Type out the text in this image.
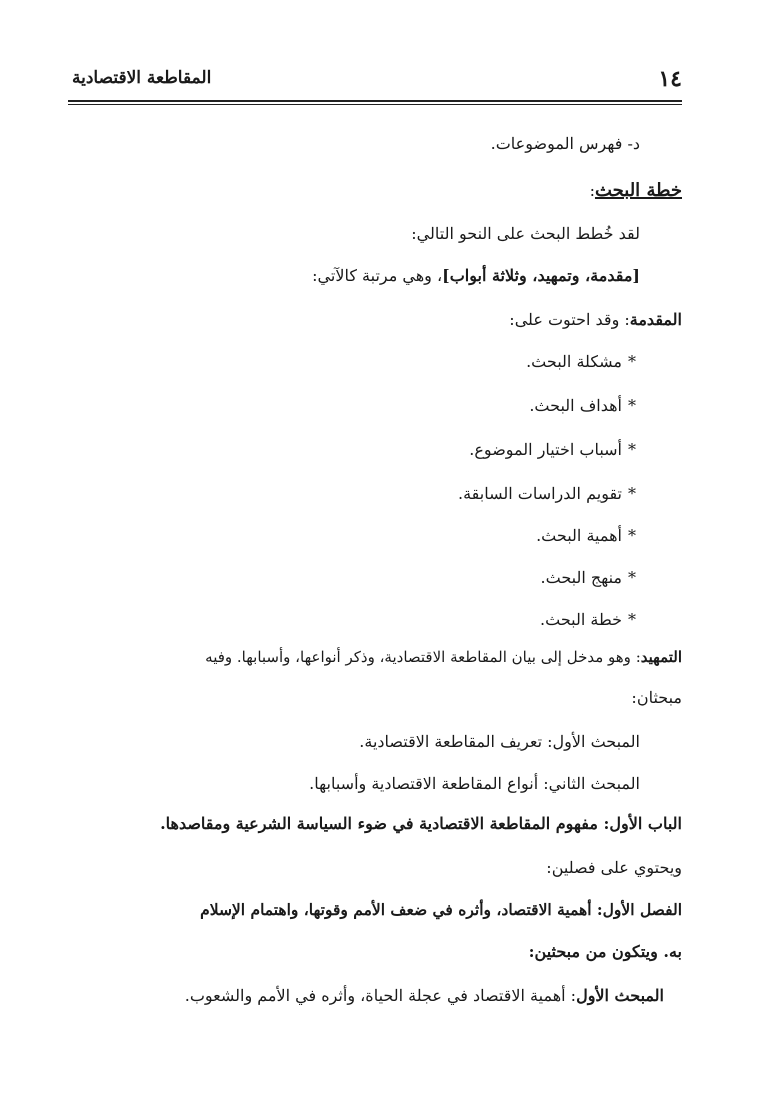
١٤
المقاطعة الاقتصادية
د- فهرس الموضوعات.
خطة البحث:
لقد خُطط البحث على النحو التالي:
[مقدمة، وتمهيد، وثلاثة أبواب]، وهي مرتبة كالآتي:
المقدمة: وقد احتوت على:
*مشكلة البحث.
*أهداف البحث.
*أسباب اختيار الموضوع.
*تقويم الدراسات السابقة.
*أهمية البحث.
*منهج البحث.
*خطة البحث.
التمهيد: وهو مدخل إلى بيان المقاطعة الاقتصادية، وذكر أنواعها، وأسبابها. وفيه
مبحثان:
المبحث الأول: تعريف المقاطعة الاقتصادية.
المبحث الثاني: أنواع المقاطعة الاقتصادية وأسبابها.
الباب الأول: مفهوم المقاطعة الاقتصادية في ضوء السياسة الشرعية ومقاصدها.
ويحتوي على فصلين:
الفصل الأول: أهمية الاقتصاد، وأثره في ضعف الأمم وقوتها، واهتمام الإسلام
به. ويتكون من مبحثين:
المبحث الأول: أهمية الاقتصاد في عجلة الحياة، وأثره في الأمم والشعوب.
